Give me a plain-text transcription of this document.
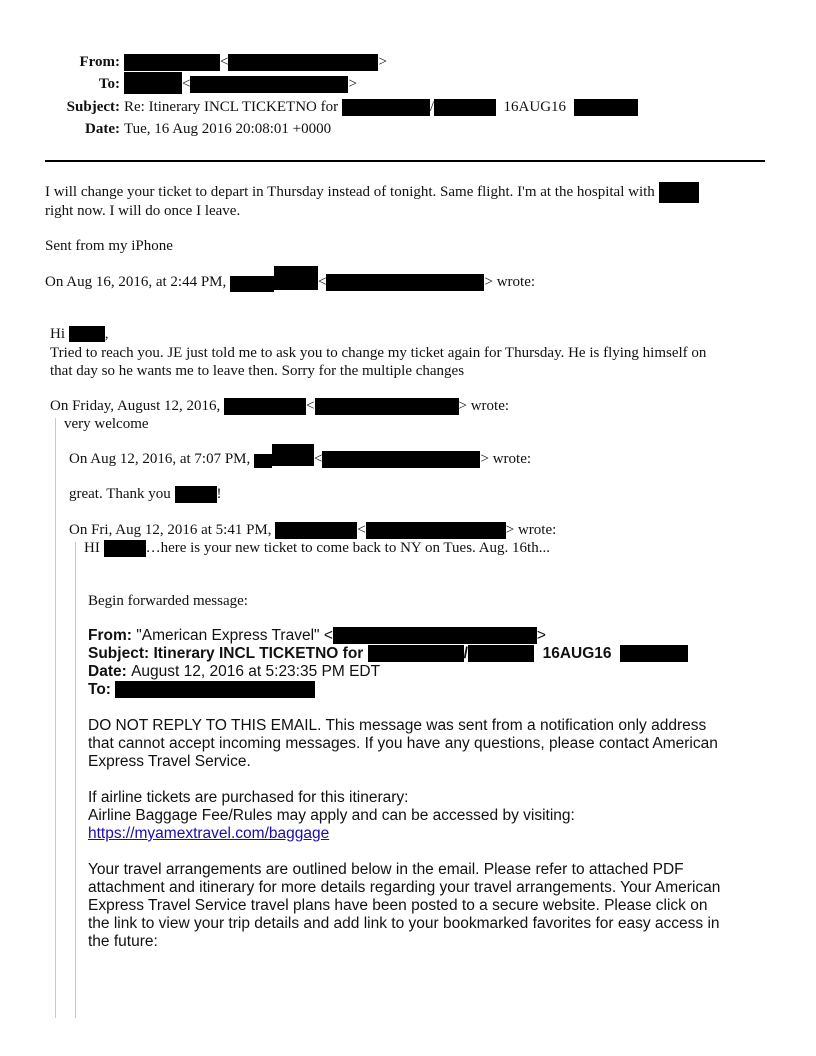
From:	<	>
To:	<	>
Subject: Re: Itinerary INCL TICKETNO for	/	16AUG16
Date: Tue, 16 Aug 2016 20:08:01 +0000
I will change your ticket to depart in Thursday instead of tonight. Same flight. I'm at the hospital with
right now. I will do once I leave.
Sent from my iPhone
On Aug 16, 2016, at 2:44 PM,	<	> wrote:
Hi	,
Tried to reach you. JE just told me to ask you to change my ticket again for Thursday. He is flying himself on
that day so he wants me to leave then. Sorry for the multiple changes
On Friday, August 12, 2016,	<	> wrote:
very welcome
On Aug 12, 2016, at 7:07 PM,	<	> wrote:
great. Thank you	!
On Fri, Aug 12, 2016 at 5:41 PM,	<	> wrote:
HI	…here is your new ticket to come back to NY on Tues. Aug. 16th...
Begin forwarded message:
From: "American Express Travel" <	>
Subject: Itinerary INCL TICKETNO for	/	16AUG16
Date: August 12, 2016 at 5:23:35 PM EDT
To:

DO NOT REPLY TO THIS EMAIL. This message was sent from a notification only address

that cannot accept incoming messages. If you have any questions, please contact American

Express Travel Service.

If airline tickets are purchased for this itinerary:

Airline Baggage Fee/Rules may apply and can be accessed by visiting:

https://myamextravel.com/baggage

Your travel arrangements are outlined below in the email. Please refer to attached PDF

attachment and itinerary for more details regarding your travel arrangements. Your American

Express Travel Service travel plans have been posted to a secure website. Please click on

the link to view your trip details and add link to your bookmarked favorites for easy access in

the future:
